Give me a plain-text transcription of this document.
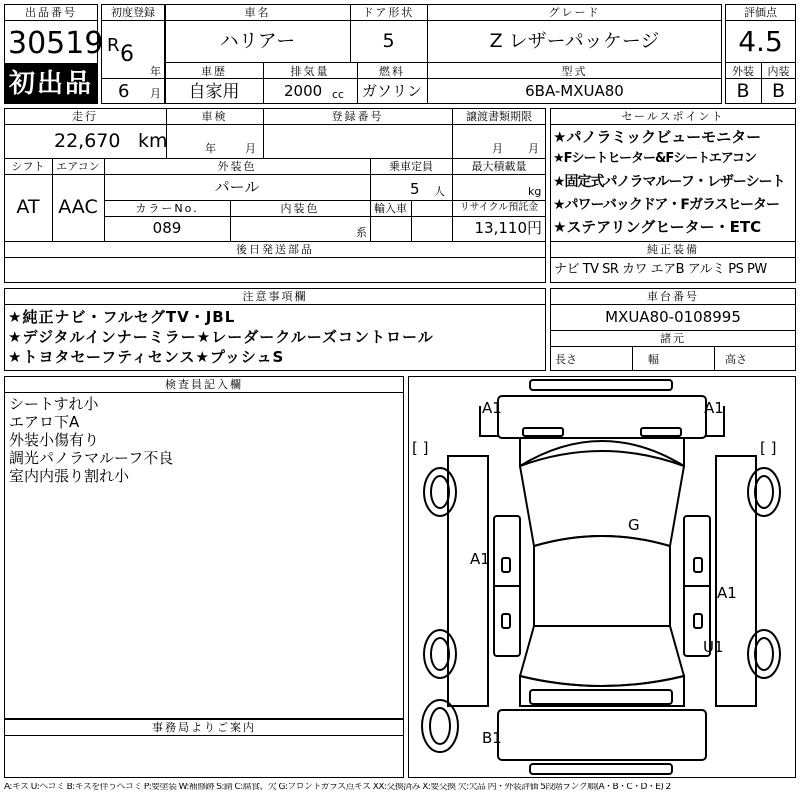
出品番号
30519
初出品
初度登録
R 6
年
6 月
車名
ハリアー
ドア形状
5
グレード
Z レザーパッケージ
車歴
自家用
排気量
2000 cc
燃料
ガソリン
型式
6BA-MXUA80
評価点
4.5
外装	内装
B	B
走行
22,670 km
車検
年	月
登録番号	譲渡書類期限
月 月
シフト
AT
エアコン
AAC
外装色
パール
乗車定員
5 人
最大積載量
kg
カラーNo.
089
内装色
系
輸入車	リサイクル預託金
13,110円
後日発送部品
セールスポイント
★パノラミックビューモニター
★Fシートヒーター&Fシートエアコン
★固定式パノラマルーフ・レザーシート
★パワーバックドア・Fガラスヒーター
★ステアリングヒーター・ETC
純正装備
ナビ TV SR カワ エアB アルミ PS PW
注意事項欄
★純正ナビ・フルセグTV・JBL
★デジタルインナーミラー★レーダークルーズコントロール
★トヨタセーフティセンス★プッシュS
車台番号
MXUA80-0108995
諸元
長さ	幅	高さ
検査員記入欄
シートすれ小
エアロ下A
外装小傷有り
調光パノラマルーフ不良
室内内張り割れ小
事務局よりご案内
A1	A1
[ ]	[ ]
G
A1
A1
U1
B1
A:キズ U:ヘコミ B:キズを伴うヘコミ P:要塗装 W:補修跡 S:錆 C:腐食、欠 G:フロントガラス点キズ XX:交換済み X:要交換 欠:欠品 内・外装評価 5段階ランク順(A・B・C・D・E) 2
